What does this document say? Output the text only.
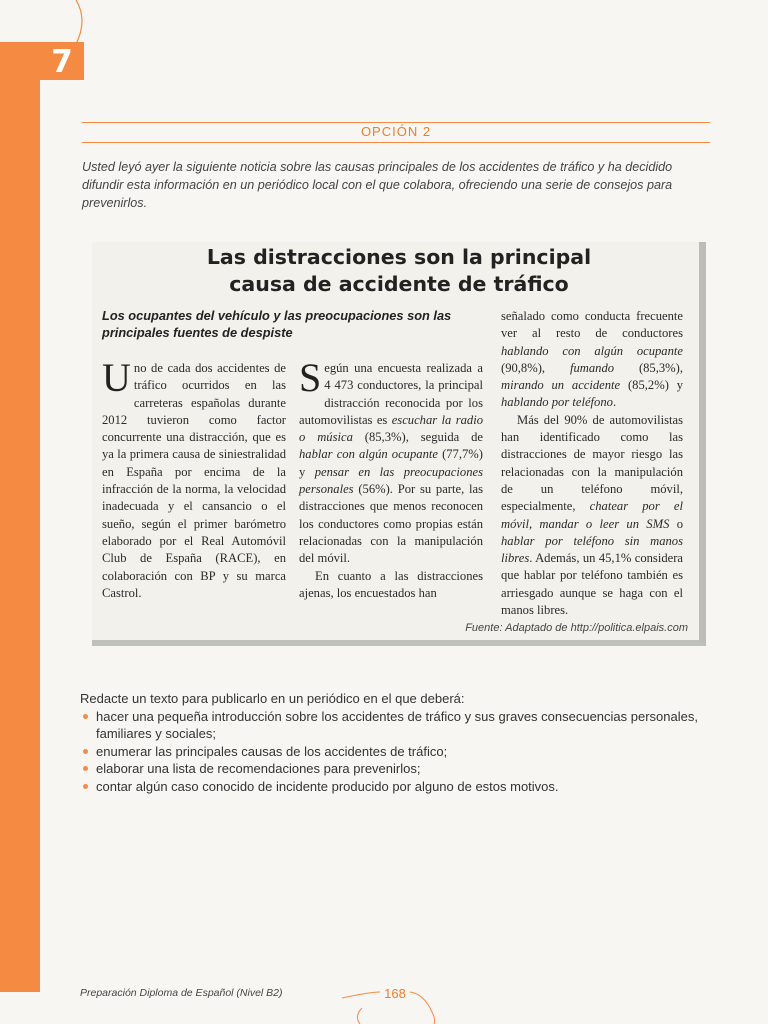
7
OPCIÓN 2

Usted leyó ayer la siguiente noticia sobre las causas principales de los accidentes de tráfico y ha decidido difundir esta información en un periódico local con el que colabora, ofreciendo una serie de consejos para prevenirlos.

Las distracciones son la principal
causa de accidente de tráfico

Los ocupantes del vehículo y las preocupaciones son las principales fuentes de despiste

Uno de cada dos accidentes de tráfico ocurridos en las carreteras españolas durante 2012 tuvieron como factor concurrente una distracción, que es ya la primera causa de siniestralidad en España por encima de la infracción de la norma, la velocidad inadecuada y el cansancio o el sueño, según el primer barómetro elaborado por el Real Automóvil Club de España (RACE), en colaboración con BP y su marca Castrol.

Según una encuesta realizada a 4 473 conductores, la principal distracción reconocida por los automovilistas es escuchar la radio o música (85,3%), seguida de hablar con algún ocupante (77,7%) y pensar en las preocupaciones personales (56%). Por su parte, las distracciones que menos reconocen los conductores como propias están relacionadas con la manipulación del móvil.
En cuanto a las distracciones ajenas, los encuestados han

señalado como conducta frecuente ver al resto de conductores hablando con algún ocupante (90,8%), fumando (85,3%), mirando un accidente (85,2%) y hablando por teléfono.
Más del 90% de automovilistas han identificado como las distracciones de mayor riesgo las relacionadas con la manipulación de un teléfono móvil, especialmente, chatear por el móvil, mandar o leer un SMS o hablar por teléfono sin manos libres. Además, un 45,1% considera que hablar por teléfono también es arriesgado aunque se haga con el manos libres.

Fuente: Adaptado de http://politica.elpais.com

Redacte un texto para publicarlo en un periódico en el que deberá:

hacer una pequeña introducción sobre los accidentes de tráfico y sus graves consecuencias personales, familiares y sociales;
enumerar las principales causas de los accidentes de tráfico;
elaborar una lista de recomendaciones para prevenirlos;
contar algún caso conocido de incidente producido por alguno de estos motivos.
Preparación Diploma de Español (Nivel B2)	168
